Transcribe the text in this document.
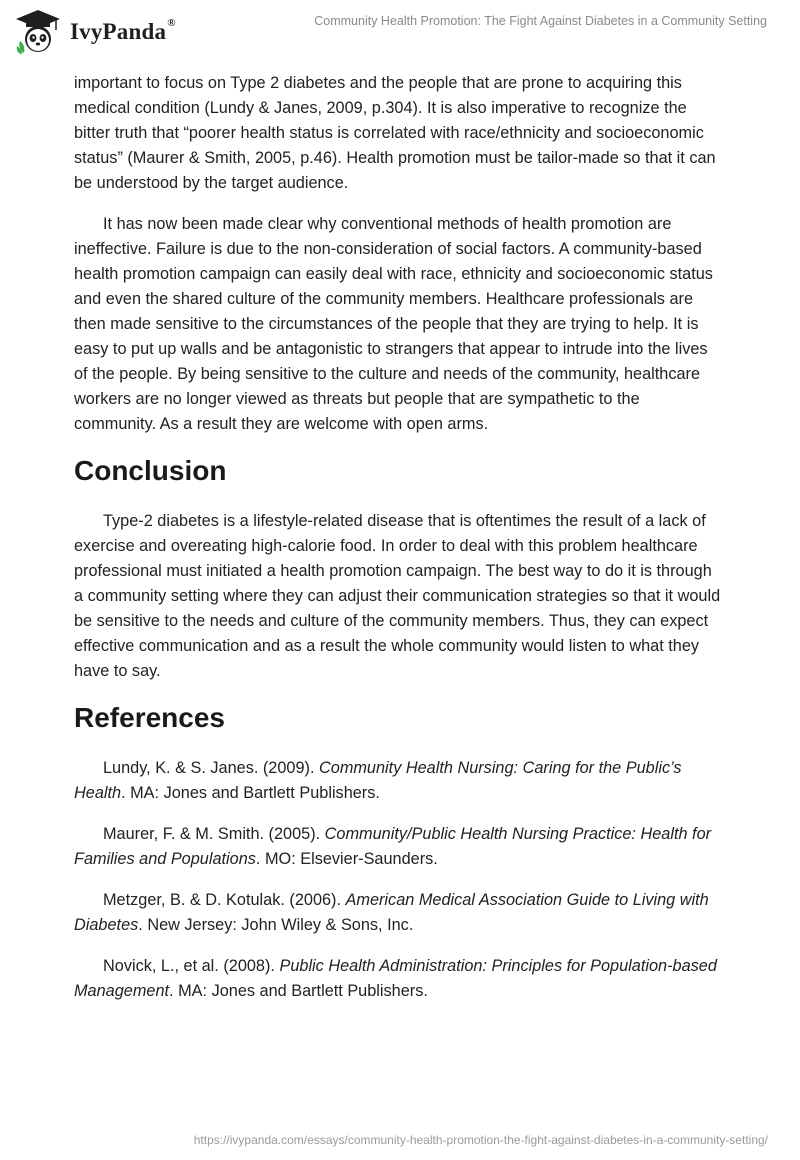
IvyPanda®	Community Health Promotion: The Fight Against Diabetes in a Community Setting

important to focus on Type 2 diabetes and the people that are prone to acquiring this medical condition (Lundy & Janes, 2009, p.304). It is also imperative to recognize the bitter truth that “poorer health status is correlated with race/ethnicity and socioeconomic status” (Maurer & Smith, 2005, p.46). Health promotion must be tailor-made so that it can be understood by the target audience.

It has now been made clear why conventional methods of health promotion are ineffective. Failure is due to the non-consideration of social factors. A community-based health promotion campaign can easily deal with race, ethnicity and socioeconomic status and even the shared culture of the community members. Healthcare professionals are then made sensitive to the circumstances of the people that they are trying to help. It is easy to put up walls and be antagonistic to strangers that appear to intrude into the lives of the people. By being sensitive to the culture and needs of the community, healthcare workers are no longer viewed as threats but people that are sympathetic to the community. As a result they are welcome with open arms.

Conclusion

Type-2 diabetes is a lifestyle-related disease that is oftentimes the result of a lack of exercise and overeating high-calorie food. In order to deal with this problem healthcare professional must initiated a health promotion campaign. The best way to do it is through a community setting where they can adjust their communication strategies so that it would be sensitive to the needs and culture of the community members. Thus, they can expect effective communication and as a result the whole community would listen to what they have to say.

References

Lundy, K. & S. Janes. (2009). Community Health Nursing: Caring for the Public’s Health. MA: Jones and Bartlett Publishers.

Maurer, F. & M. Smith. (2005). Community/Public Health Nursing Practice: Health for Families and Populations. MO: Elsevier-Saunders.

Metzger, B. & D. Kotulak. (2006). American Medical Association Guide to Living with Diabetes. New Jersey: John Wiley & Sons, Inc.

Novick, L., et al. (2008). Public Health Administration: Principles for Population-based Management. MA: Jones and Bartlett Publishers.

https://ivypanda.com/essays/community-health-promotion-the-fight-against-diabetes-in-a-community-setting/
